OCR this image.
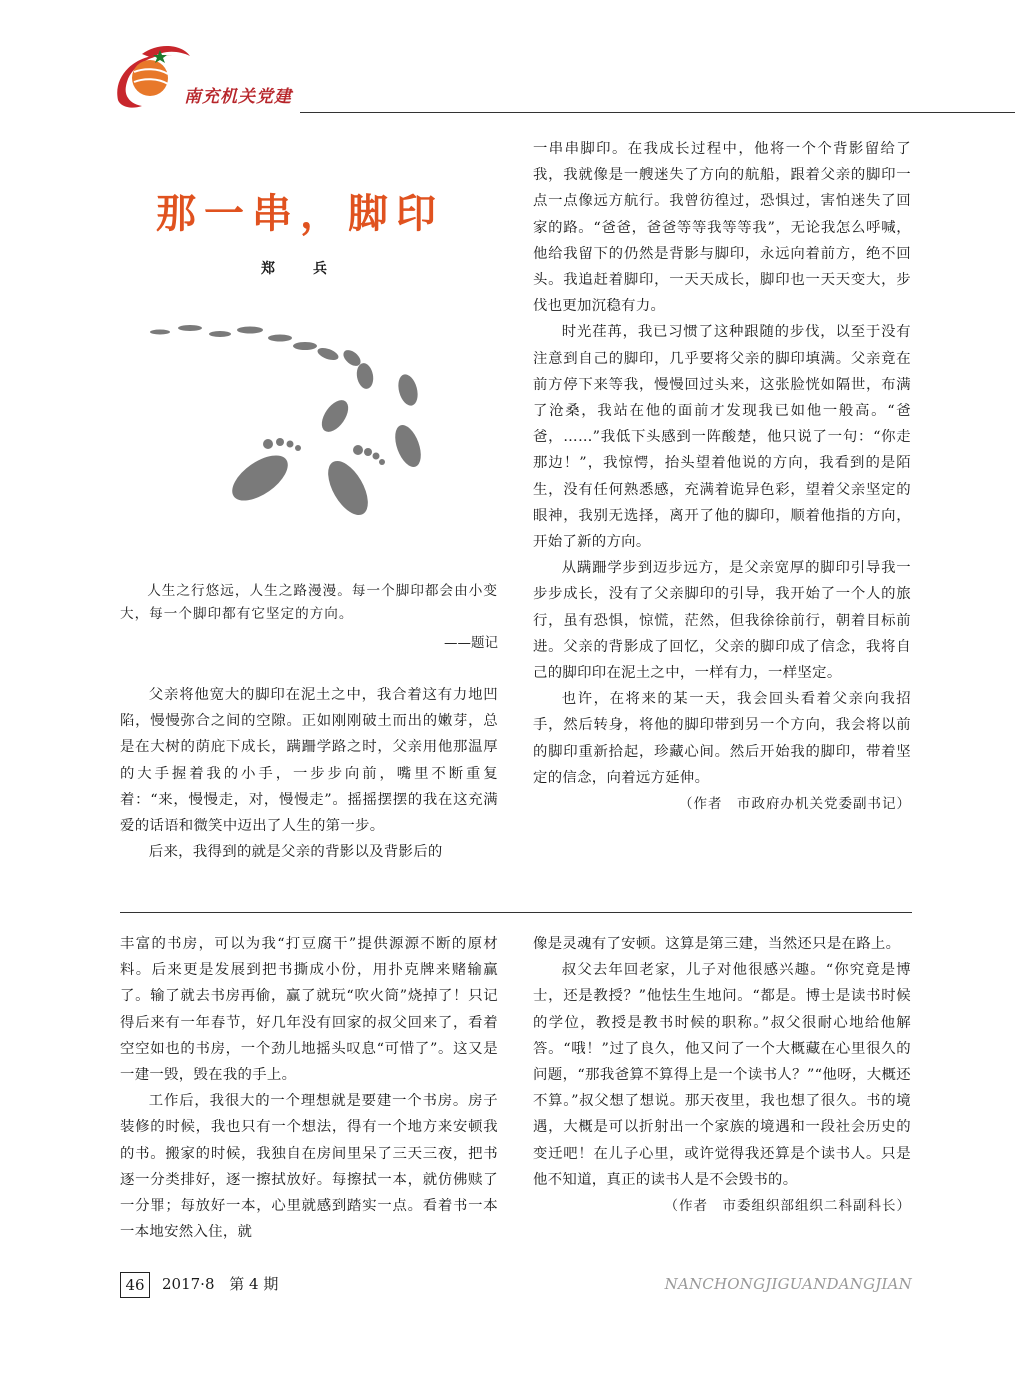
南充机关党建
那一串，脚印
郑　兵
人生之行悠远，人生之路漫漫。每一个脚印都会由小变大，每一个脚印都有它坚定的方向。
——题记

父亲将他宽大的脚印在泥土之中，我合着这有力地凹陷，慢慢弥合之间的空隙。正如刚刚破土而出的嫩芽，总是在大树的荫庇下成长，蹒跚学路之时，父亲用他那温厚的大手握着我的小手，一步步向前，嘴里不断重复着：“来，慢慢走，对，慢慢走”。摇摇摆摆的我在这充满爱的话语和微笑中迈出了人生的第一步。

后来，我得到的就是父亲的背影以及背影后的

一串串脚印。在我成长过程中，他将一个个背影留给了我，我就像是一艘迷失了方向的航船，跟着父亲的脚印一点一点像远方航行。我曾彷徨过，恐惧过，害怕迷失了回家的路。“爸爸，爸爸等等我等等我”，无论我怎么呼喊，他给我留下的仍然是背影与脚印，永远向着前方，绝不回头。我追赶着脚印，一天天成长，脚印也一天天变大，步伐也更加沉稳有力。

时光荏苒，我已习惯了这种跟随的步伐，以至于没有注意到自己的脚印，几乎要将父亲的脚印填满。父亲竟在前方停下来等我，慢慢回过头来，这张脸恍如隔世，布满了沧桑，我站在他的面前才发现我已如他一般高。“爸爸，……”我低下头感到一阵酸楚，他只说了一句：“你走那边！”，我惊愕，抬头望着他说的方向，我看到的是陌生，没有任何熟悉感，充满着诡异色彩，望着父亲坚定的眼神，我别无选择，离开了他的脚印，顺着他指的方向，开始了新的方向。

从蹒跚学步到迈步远方，是父亲宽厚的脚印引导我一步步成长，没有了父亲脚印的引导，我开始了一个人的旅行，虽有恐惧，惊慌，茫然，但我徐徐前行，朝着目标前进。父亲的背影成了回忆，父亲的脚印成了信念，我将自己的脚印印在泥土之中，一样有力，一样坚定。

也许，在将来的某一天，我会回头看着父亲向我招手，然后转身，将他的脚印带到另一个方向，我会将以前的脚印重新拾起，珍藏心间。然后开始我的脚印，带着坚定的信念，向着远方延伸。

（作者　市政府办机关党委副书记）

丰富的书房，可以为我“打豆腐干”提供源源不断的原材料。后来更是发展到把书撕成小份，用扑克牌来赌输赢了。输了就去书房再偷，赢了就玩“吹火筒”烧掉了！只记得后来有一年春节，好几年没有回家的叔父回来了，看着空空如也的书房，一个劲儿地摇头叹息“可惜了”。这又是一建一毁，毁在我的手上。

工作后，我很大的一个理想就是要建一个书房。房子装修的时候，我也只有一个想法，得有一个地方来安顿我的书。搬家的时候，我独自在房间里呆了三天三夜，把书逐一分类排好，逐一擦拭放好。每擦拭一本，就仿佛赎了一分罪；每放好一本，心里就感到踏实一点。看着书一本一本地安然入住，就

像是灵魂有了安顿。这算是第三建，当然还只是在路上。

叔父去年回老家，儿子对他很感兴趣。“你究竟是博士，还是教授？”他怯生生地问。“都是。博士是读书时候的学位，教授是教书时候的职称。”叔父很耐心地给他解答。“哦！”过了良久，他又问了一个大概藏在心里很久的问题，“那我爸算不算得上是一个读书人？”“他呀，大概还不算。”叔父想了想说。那天夜里，我也想了很久。书的境遇，大概是可以折射出一个家族的境遇和一段社会历史的变迁吧！在儿子心里，或许觉得我还算是个读书人。只是他不知道，真正的读书人是不会毁书的。

（作者　市委组织部组织二科副科长）
46	2017·8 第 4 期	NANCHONGJIGUANDANGJIAN
